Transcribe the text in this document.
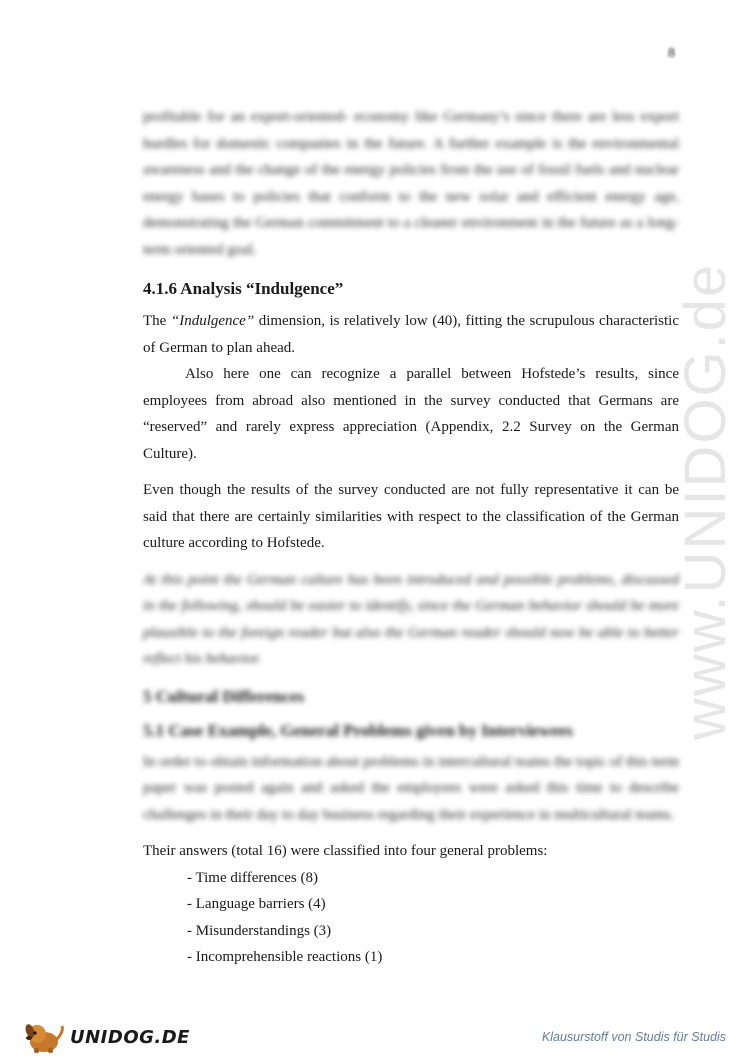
8
www.UNIDOG.de

profitable for an export-oriented- economy like Germany’s since there are less export hurdles for domestic companies in the future. A further example is the environmental awareness and the change of the energy policies from the use of fossil fuels and nuclear energy bases to policies that conform to the new solar and efficient energy age, demonstrating the German commitment to a cleaner environment in the future as a long-term oriented goal.

4.1.6 Analysis “Indulgence”

The “Indulgence” dimension, is relatively low (40), fitting the scrupulous characteristic of German to plan ahead.

Also here one can recognize a parallel between Hofstede’s results, since employees from abroad also mentioned in the survey conducted that Germans are “reserved” and rarely express appreciation (Appendix, 2.2 Survey on the German Culture).

Even though the results of the survey conducted are not fully representative it can be said that there are certainly similarities with respect to the classification of the German culture according to Hofstede.

At this point the German culture has been introduced and possible problems, discussed in the following, should be easier to identify, since the German behavior should be more plausible to the foreign reader but also the German reader should now be able to better reflect his behavior.

5 Cultural Differences
5.1 Case Example, General Problems given by Interviewees

In order to obtain information about problems in intercultural teams the topic of this term paper was posted again and asked the employees were asked this time to describe challenges in their day to day business regarding their experience in multicultural teams.

Their answers (total 16) were classified into four general problems:

- Time differences (8)
- Language barriers (4)
- Misunderstandings (3)
- Incomprehensible reactions (1)
UNIDOG.DE	Klausurstoff von Studis für Studis
